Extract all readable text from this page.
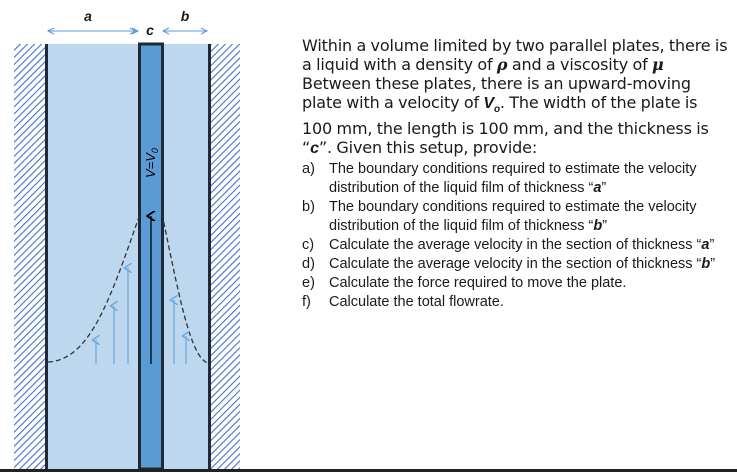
a
c
b
$V=V_0$

Within a volume limited by two parallel plates, there is a liquid with a density of ρ and a viscosity of μ Between these plates, there is an upward-moving plate with a velocity of $V_o$. The width of the plate is 100 mm, the length is 100 mm, and the thickness is “c”. Given this setup, provide:

a) The boundary conditions required to estimate the velocity distribution of the liquid film of thickness “a”
b) The boundary conditions required to estimate the velocity distribution of the liquid film of thickness “b”
c) Calculate the average velocity in the section of thickness “a”
d) Calculate the average velocity in the section of thickness “b”
e) Calculate the force required to move the plate.
f) Calculate the total flowrate.
